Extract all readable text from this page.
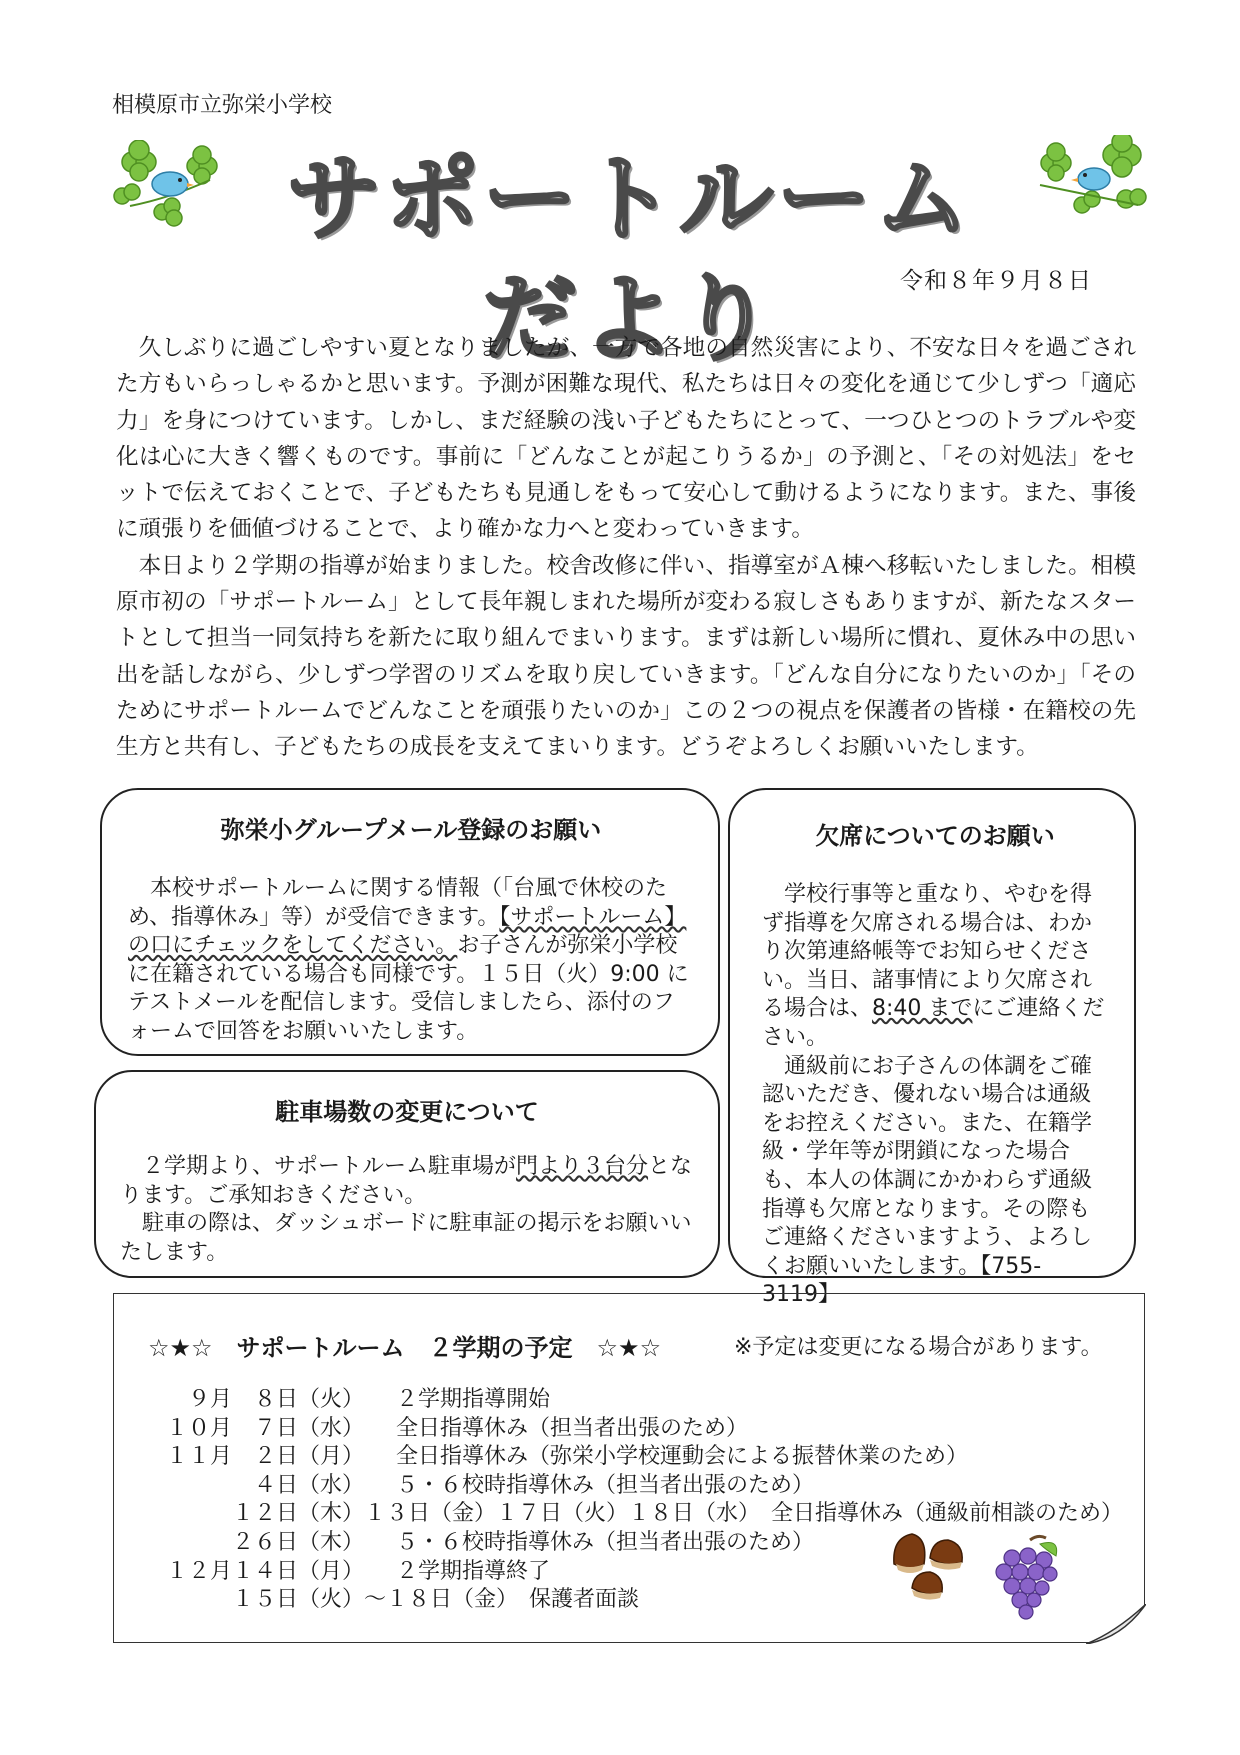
相模原市立弥栄小学校
サポートルームだより	令和８年９月８日

久しぶりに過ごしやすい夏となりましたが、一方で各地の自然災害により、不安な日々を過ごされた方もいらっしゃるかと思います。予測が困難な現代、私たちは日々の変化を通じて少しずつ「適応力」を身につけています。しかし、まだ経験の浅い子どもたちにとって、一つひとつのトラブルや変化は心に大きく響くものです。事前に「どんなことが起こりうるか」の予測と、「その対処法」をセットで伝えておくことで、子どもたちも見通しをもって安心して動けるようになります。また、事後に頑張りを価値づけることで、より確かな力へと変わっていきます。

本日より２学期の指導が始まりました。校舎改修に伴い、指導室がＡ棟へ移転いたしました。相模原市初の「サポートルーム」として長年親しまれた場所が変わる寂しさもありますが、新たなスタートとして担当一同気持ちを新たに取り組んでまいります。まずは新しい場所に慣れ、夏休み中の思い出を話しながら、少しずつ学習のリズムを取り戻していきます。「どんな自分になりたいのか」「そのためにサポートルームでどんなことを頑張りたいのか」この２つの視点を保護者の皆様・在籍校の先生方と共有し、子どもたちの成長を支えてまいります。どうぞよろしくお願いいたします。

弥栄小グループメール登録のお願い

本校サポートルームに関する情報（「台風で休校のため、指導休み」等）が受信できます。【サポートルーム】の口にチェックをしてください。お子さんが弥栄小学校に在籍されている場合も同様です。１５日（火）9:00 にテストメールを配信します。受信しましたら、添付のフォームで回答をお願いいたします。

駐車場数の変更について

２学期より、サポートルーム駐車場が門より３台分となります。ご承知おきください。

駐車の際は、ダッシュボードに駐車証の掲示をお願いいたします。

欠席についてのお願い

学校行事等と重なり、やむを得ず指導を欠席される場合は、わかり次第連絡帳等でお知らせください。当日、諸事情により欠席される場合は、8:40 までにご連絡ください。

通級前にお子さんの体調をご確認いただき、優れない場合は通級をお控えください。また、在籍学級・学年等が閉鎖になった場合も、本人の体調にかかわらず通級指導も欠席となります。その際もご連絡くださいますよう、よろしくお願いいたします。【755-3119】

☆★☆　サポートルーム　２学期の予定　☆★☆	※予定は変更になる場合があります。
　９月　８日（火） ２学期指導開始
１０月　７日（水） 全日指導休み（担当者出張のため）
１１月　２日（月） 全日指導休み（弥栄小学校運動会による振替休業のため）
　　　　４日（水） ５・６校時指導休み（担当者出張のため）
　　　１２日（木）１３日（金）１７日（火）１８日（水）　全日指導休み（通級前相談のため）
　　　２６日（木） ５・６校時指導休み（担当者出張のため）
１２月１４日（月） ２学期指導終了
　　　１５日（火）～１８日（金）　保護者面談
